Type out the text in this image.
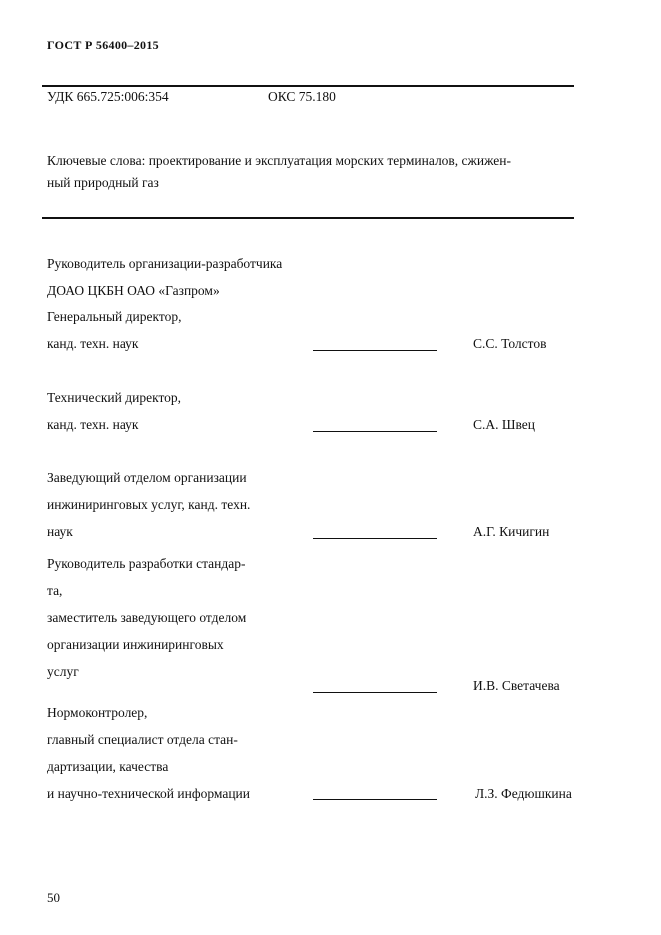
ГОСТ Р 56400–2015
УДК 665.725:006:354	ОКС 75.180
Ключевые слова: проектирование и эксплуатация морских терминалов, сжижен-
ный природный газ
Руководитель организации-разработчика
ДОАО ЦКБН ОАО «Газпром»
Генеральный директор,
канд. техн. наук	С.С. Толстов
Технический директор,
канд. техн. наук	С.А. Швец
Заведующий отделом организации
инжиниринговых услуг, канд. техн.
наук	А.Г. Кичигин
Руководитель разработки стандар-
та,
заместитель заведующего отделом
организации инжиниринговых
услуг
И.В. Светачева
Нормоконтролер,
главный специалист отдела стан-
дартизации, качества
и научно-технической информации	Л.З. Федюшкина
50
